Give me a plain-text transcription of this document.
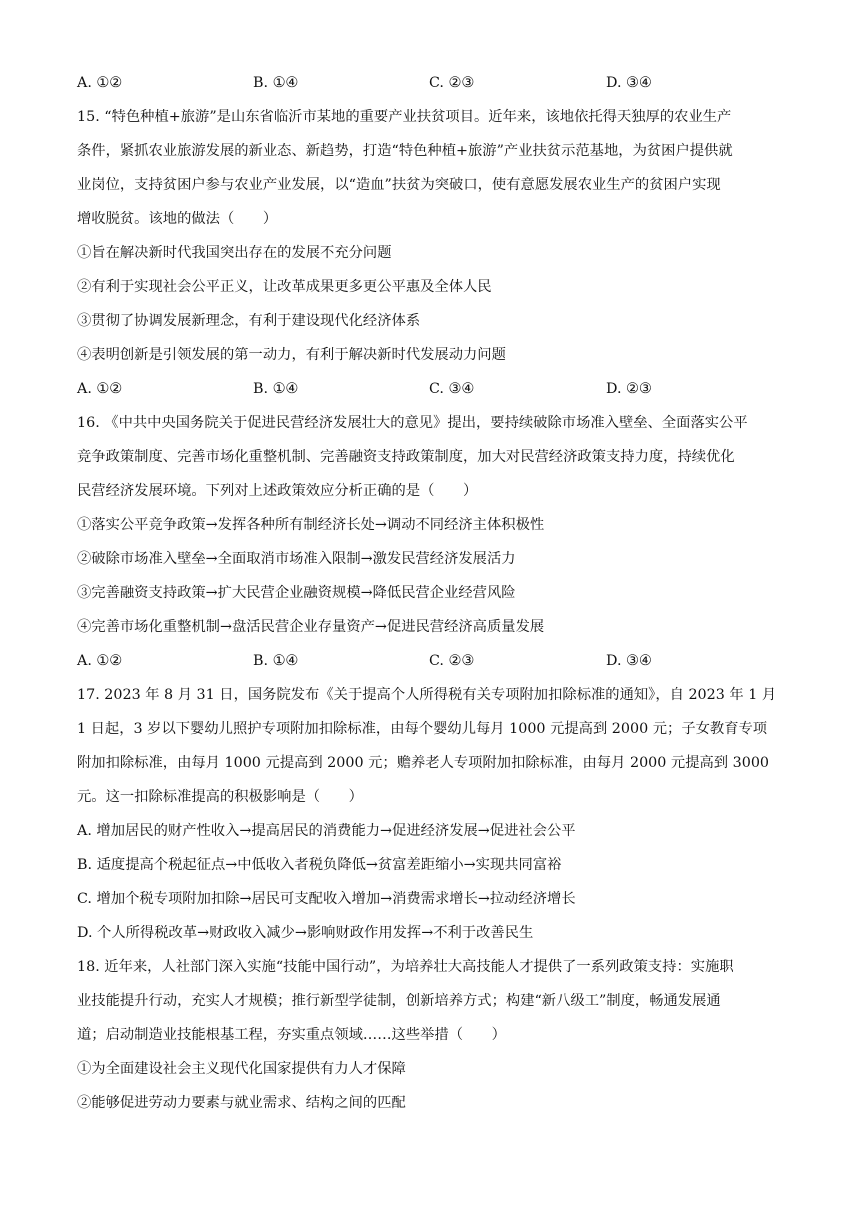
A. ①②	B. ①④	C. ②③	D. ③④
15. “特色种植+旅游”是山东省临沂市某地的重要产业扶贫项目。近年来，该地依托得天独厚的农业生产
条件，紧抓农业旅游发展的新业态、新趋势，打造“特色种植+旅游”产业扶贫示范基地，为贫困户提供就
业岗位，支持贫困户参与农业产业发展，以“造血”扶贫为突破口，使有意愿发展农业生产的贫困户实现
增收脱贫。该地的做法（　　）
①旨在解决新时代我国突出存在的发展不充分问题
②有利于实现社会公平正义，让改革成果更多更公平惠及全体人民
③贯彻了协调发展新理念，有利于建设现代化经济体系
④表明创新是引领发展的第一动力，有利于解决新时代发展动力问题
A. ①②	B. ①④	C. ③④	D. ②③
16. 《中共中央国务院关于促进民营经济发展壮大的意见》提出，要持续破除市场准入壁垒、全面落实公平
竞争政策制度、完善市场化重整机制、完善融资支持政策制度，加大对民营经济政策支持力度，持续优化
民营经济发展环境。下列对上述政策效应分析正确的是（　　）
①落实公平竞争政策→发挥各种所有制经济长处→调动不同经济主体积极性
②破除市场准入壁垒→全面取消市场准入限制→激发民营经济发展活力
③完善融资支持政策→扩大民营企业融资规模→降低民营企业经营风险
④完善市场化重整机制→盘活民营企业存量资产→促进民营经济高质量发展
A. ①②	B. ①④	C. ②③	D. ③④
17. 2023 年 8 月 31 日，国务院发布《关于提高个人所得税有关专项附加扣除标准的通知》，自 2023 年 1 月
1 日起，3 岁以下婴幼儿照护专项附加扣除标准，由每个婴幼儿每月 1000 元提高到 2000 元；子女教育专项
附加扣除标准，由每月 1000 元提高到 2000 元；赡养老人专项附加扣除标准，由每月 2000 元提高到 3000
元。这一扣除标准提高的积极影响是（　　）
A. 增加居民的财产性收入→提高居民的消费能力→促进经济发展→促进社会公平
B. 适度提高个税起征点→中低收入者税负降低→贫富差距缩小→实现共同富裕
C. 增加个税专项附加扣除→居民可支配收入增加→消费需求增长→拉动经济增长
D. 个人所得税改革→财政收入减少→影响财政作用发挥→不利于改善民生
18. 近年来，人社部门深入实施“技能中国行动”，为培养壮大高技能人才提供了一系列政策支持：实施职
业技能提升行动，充实人才规模；推行新型学徒制，创新培养方式；构建“新八级工”制度，畅通发展通
道；启动制造业技能根基工程，夯实重点领域……这些举措（　　）
①为全面建设社会主义现代化国家提供有力人才保障
②能够促进劳动力要素与就业需求、结构之间的匹配
